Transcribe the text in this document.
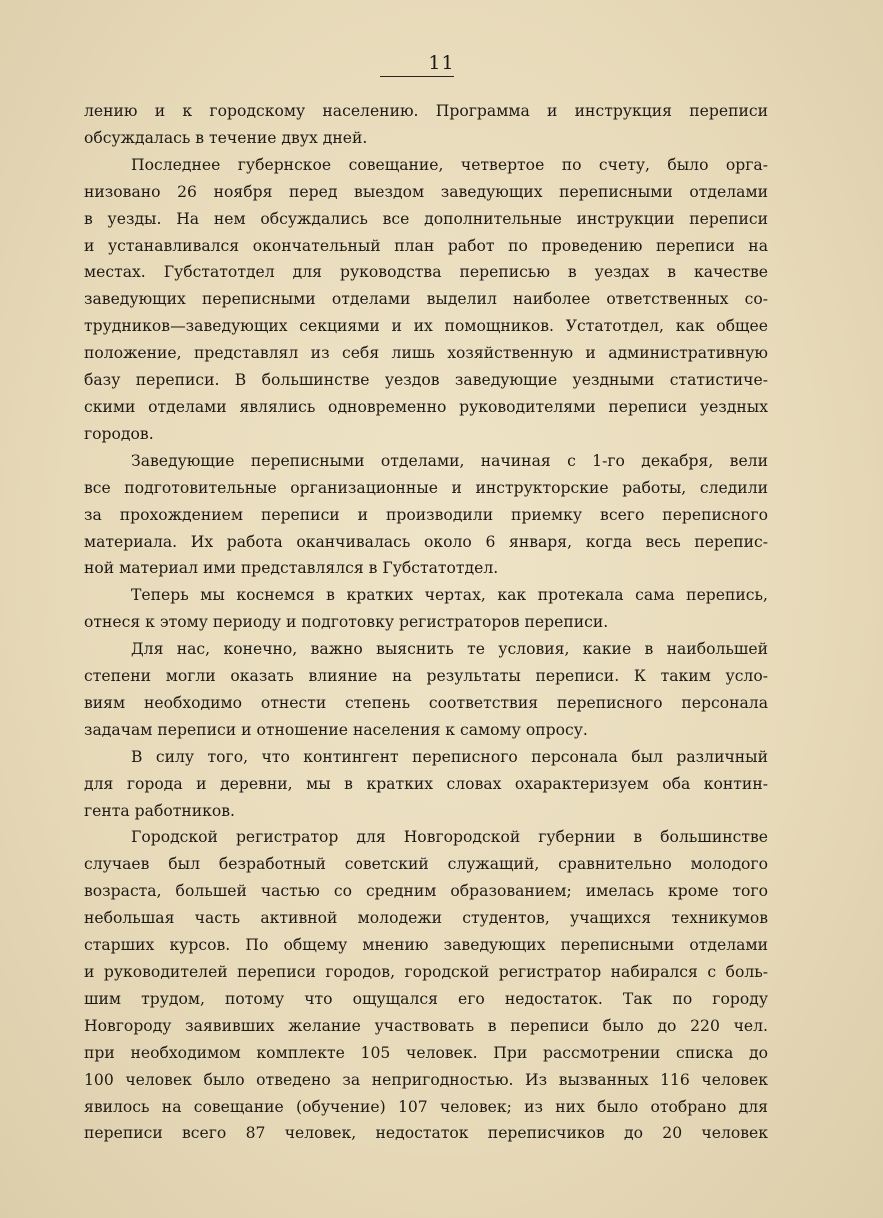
11
лению и к городскому населению. Программа и инструкция переписи
обсуждалась в течение двух дней.
Последнее губернское совещание, четвертое по счету, было орга-
низовано 26 ноября перед выездом заведующих переписными отделами
в уезды. На нем обсуждались все дополнительные инструкции переписи
и устанавливался окончательный план работ по проведению переписи на
местах. Губстатотдел для руководства переписью в уездах в качестве
заведующих переписными отделами выделил наиболее ответственных со-
трудников—заведующих секциями и их помощников. Устатотдел, как общее
положение, представлял из себя лишь хозяйственную и административную
базу переписи. В большинстве уездов заведующие уездными статистиче-
скими отделами являлись одновременно руководителями переписи уездных
городов.
Заведующие переписными отделами, начиная с 1-го декабря, вели
все подготовительные организационные и инструкторские работы, следили
за прохождением переписи и производили приемку всего переписного
материала. Их работа оканчивалась около 6 января, когда весь перепис-
ной материал ими представлялся в Губстатотдел.
Теперь мы коснемся в кратких чертах, как протекала сама перепись,
отнеся к этому периоду и подготовку регистраторов переписи.
Для нас, конечно, важно выяснить те условия, какие в наибольшей
степени могли оказать влияние на результаты переписи. К таким усло-
виям необходимо отнести степень соответствия переписного персонала
задачам переписи и отношение населения к самому опросу.
В силу того, что контингент переписного персонала был различный
для города и деревни, мы в кратких словах охарактеризуем оба контин-
гента работников.
Городской регистратор для Новгородской губернии в большинстве
случаев был безработный советский служащий, сравнительно молодого
возраста, большей частью со средним образованием; имелась кроме того
небольшая часть активной молодежи студентов, учащихся техникумов
старших курсов. По общему мнению заведующих переписными отделами
и руководителей переписи городов, городской регистратор набирался с боль-
шим трудом, потому что ощущался его недостаток. Так по городу
Новгороду заявивших желание участвовать в переписи было до 220 чел.
при необходимом комплекте 105 человек. При рассмотрении списка до
100 человек было отведено за непригодностью. Из вызванных 116 человек
явилось на совещание (обучение) 107 человек; из них было отобрано для
переписи всего 87 человек, недостаток переписчиков до 20 человек
